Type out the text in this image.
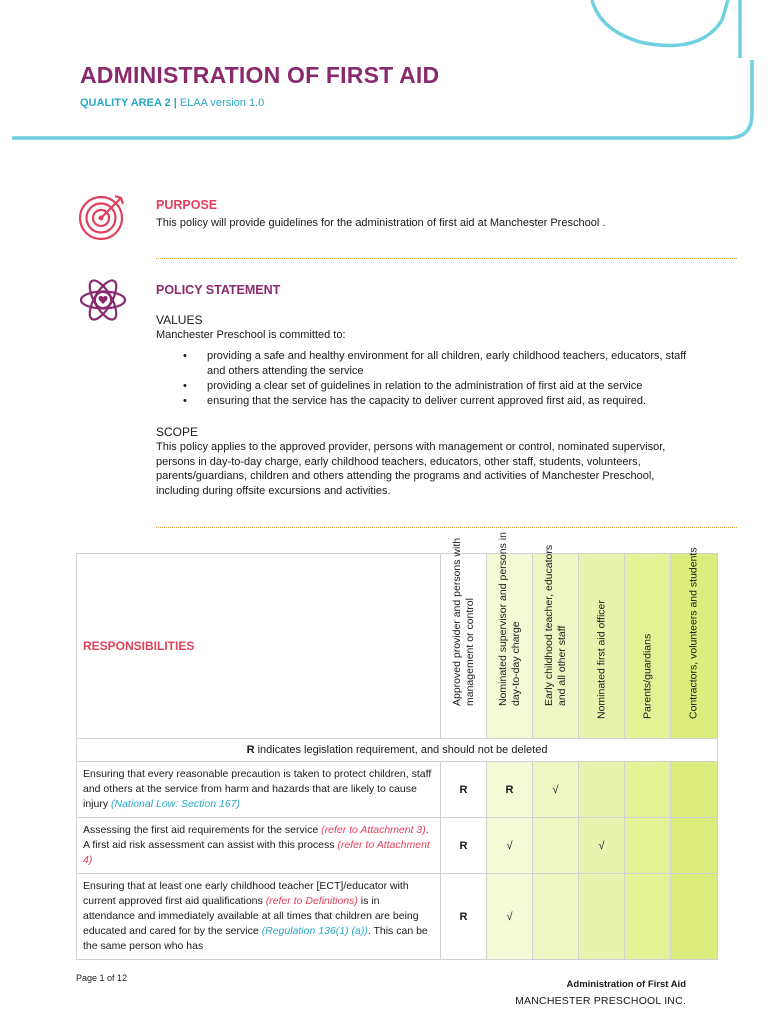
ADMINISTRATION OF FIRST AID
QUALITY AREA 2 | ELAA version 1.0
PURPOSE
This policy will provide guidelines for the administration of first aid at Manchester Preschool .
POLICY STATEMENT
VALUES
Manchester Preschool is committed to:
• providing a safe and healthy environment for all children, early childhood teachers, educators, staff and others attending the service
• providing a clear set of guidelines in relation to the administration of first aid at the service
• ensuring that the service has the capacity to deliver current approved first aid, as required.
SCOPE
This policy applies to the approved provider, persons with management or control, nominated supervisor, persons in day-to-day charge, early childhood teachers, educators, other staff, students, volunteers, parents/guardians, children and others attending the programs and activities of Manchester Preschool, including during offsite excursions and activities.
RESPONSIBILITIES	Approved provider and persons with management or control	Nominated supervisor and persons in day-to-day charge	Early childhood teacher, educators and all other staff	Nominated first aid officer	Parents/guardians	Contractors, volunteers and students

R indicates legislation requirement, and should not be deleted						
Ensuring that every reasonable precaution is taken to protect children, staff and others at the service from harm and hazards that are likely to cause injury (National Low: Section 167)	R	R	√			
Assessing the first aid requirements for the service (refer to Attachment 3). A first aid risk assessment can assist with this process (refer to Attachment 4)	R	√		√		
Ensuring that at least one early childhood teacher [ECT]/educator with current approved first aid qualifications (refer to Definitions) is in attendance and immediately available at all times that children are being educated and cared for by the service (Regulation 136(1) (a)). This can be the same person who has	R	√				
Page 1 of 12
Administration of First Aid
MANCHESTER PRESCHOOL INC.
